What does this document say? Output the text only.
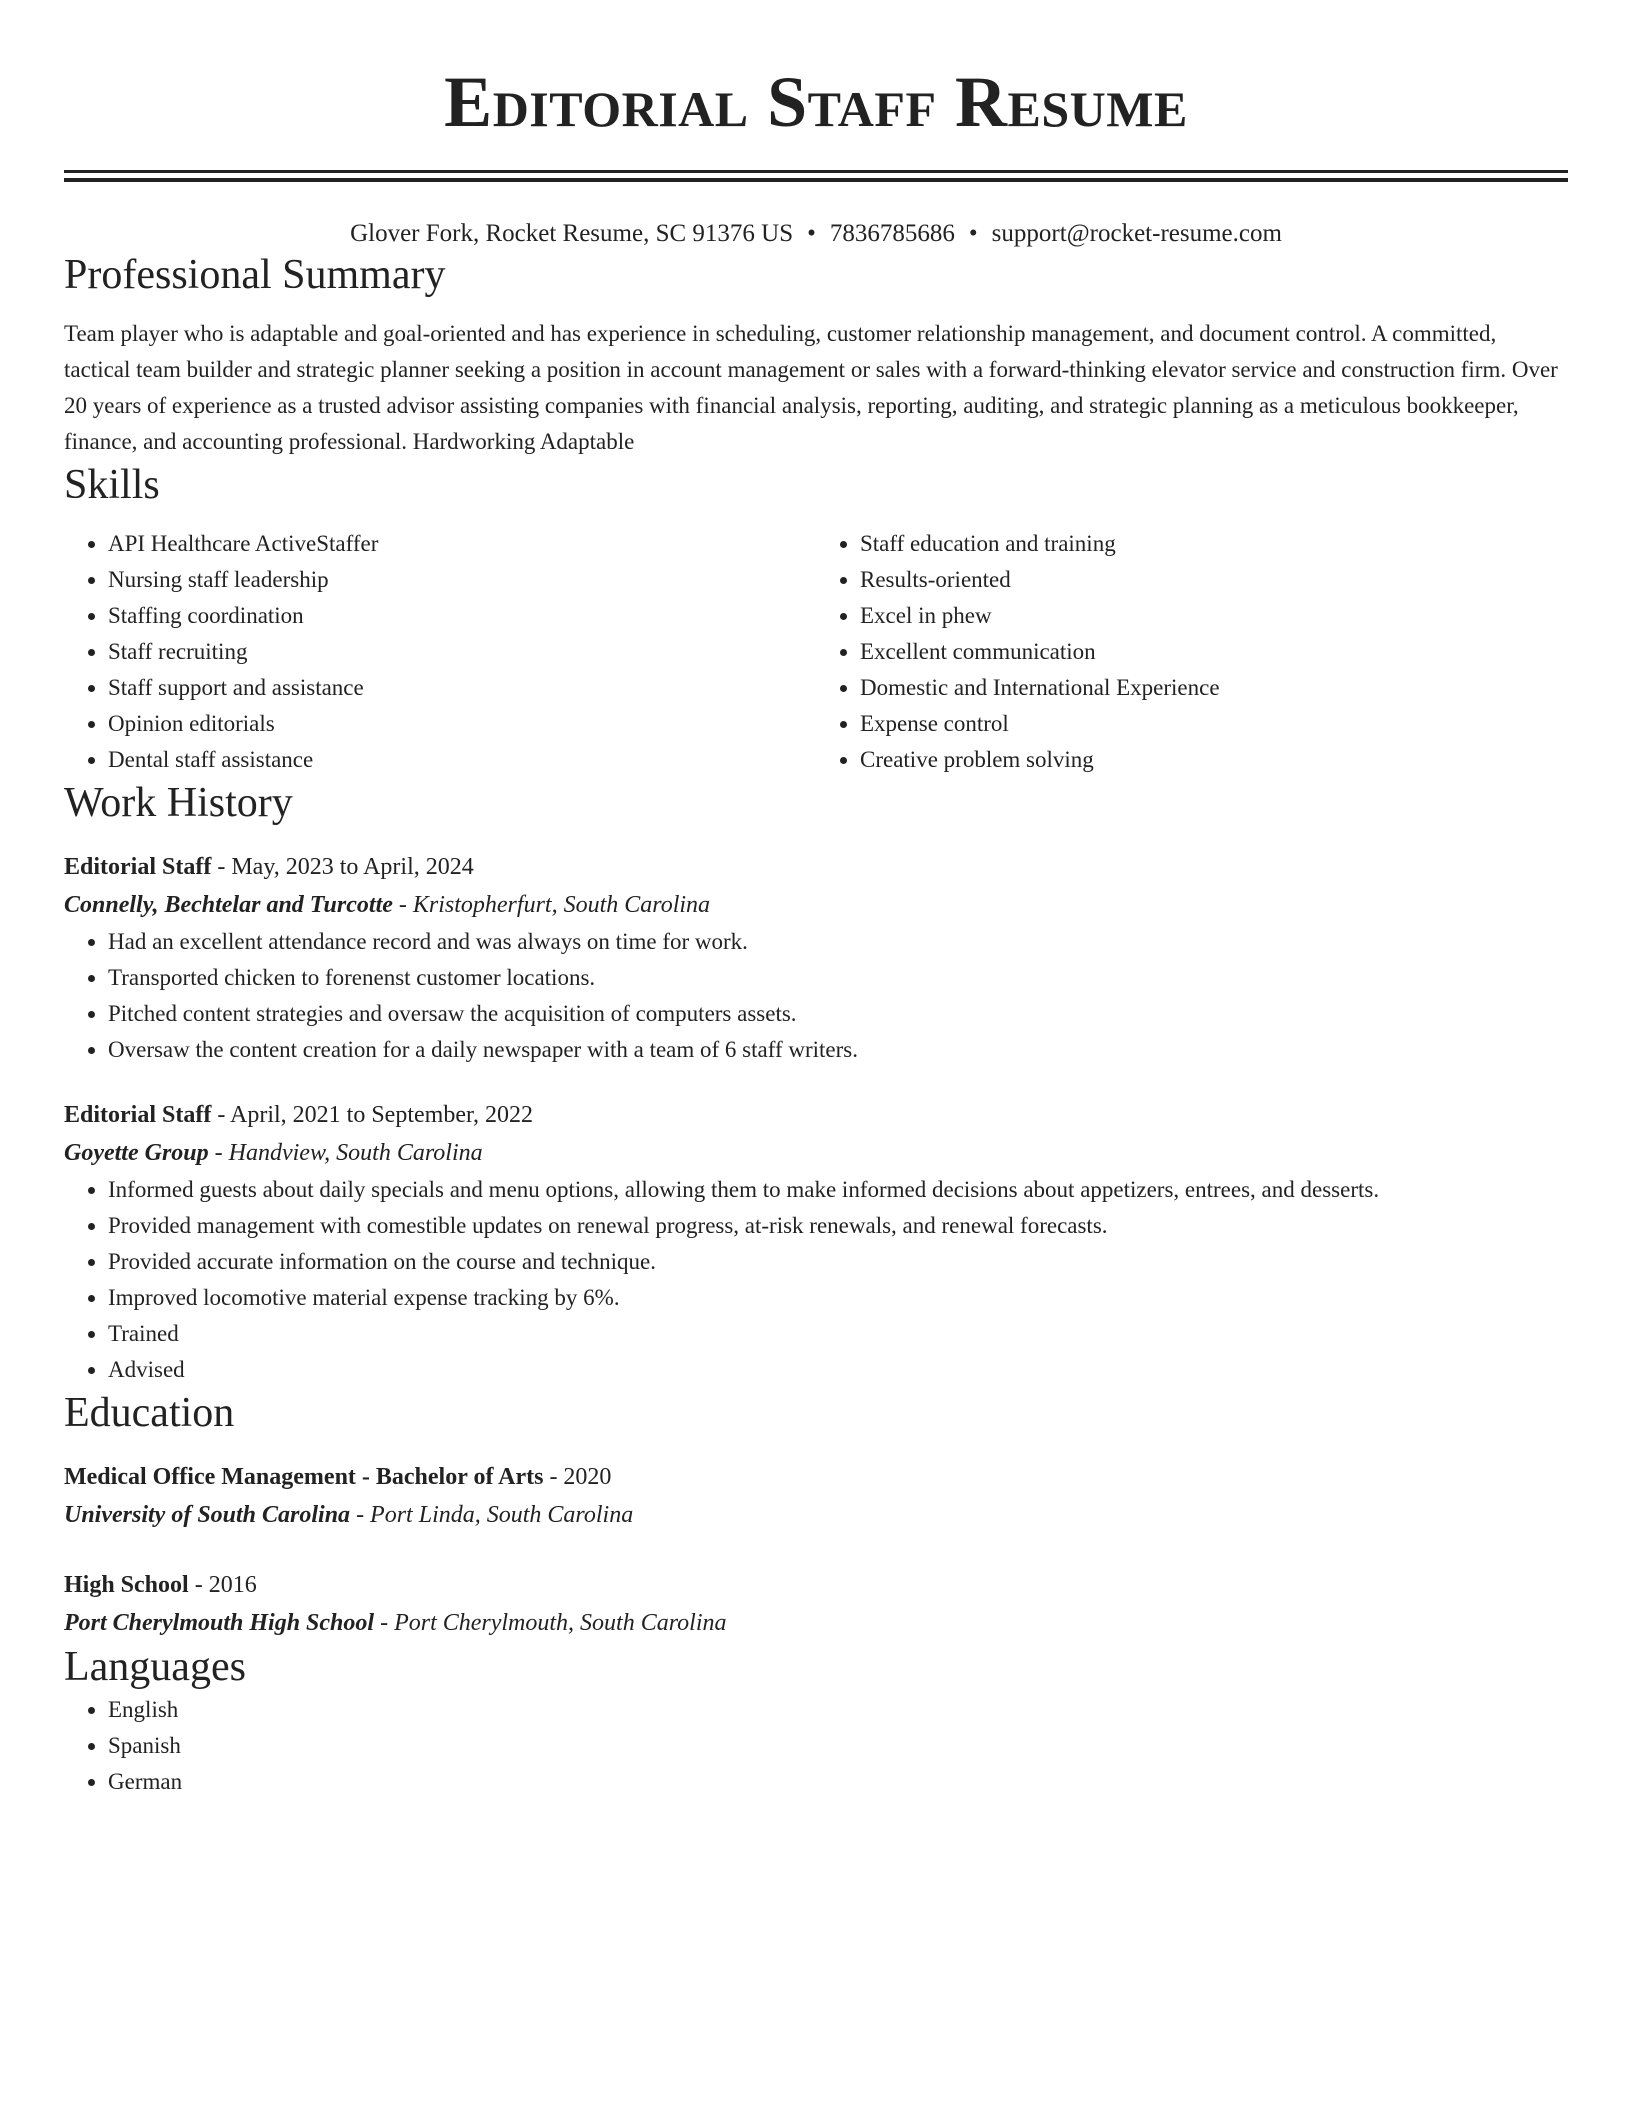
Editorial Staff Resume
Glover Fork, Rocket Resume, SC 91376 US • 7836785686 • support@rocket-resume.com
Professional Summary
Team player who is adaptable and goal-oriented and has experience in scheduling, customer relationship management, and document control. A committed, tactical team builder and strategic planner seeking a position in account management or sales with a forward-thinking elevator service and construction firm. Over 20 years of experience as a trusted advisor assisting companies with financial analysis, reporting, auditing, and strategic planning as a meticulous bookkeeper, finance, and accounting professional. Hardworking Adaptable
Skills
• API Healthcare ActiveStaffer
• Nursing staff leadership
• Staffing coordination
• Staff recruiting
• Staff support and assistance
• Opinion editorials
• Dental staff assistance
• Staff education and training
• Results-oriented
• Excel in phew
• Excellent communication
• Domestic and International Experience
• Expense control
• Creative problem solving
Work History
Editorial Staff - May, 2023 to April, 2024
Connelly, Bechtelar and Turcotte - Kristopherfurt, South Carolina
• Had an excellent attendance record and was always on time for work.
• Transported chicken to forenenst customer locations.
• Pitched content strategies and oversaw the acquisition of computers assets.
• Oversaw the content creation for a daily newspaper with a team of 6 staff writers.
Editorial Staff - April, 2021 to September, 2022
Goyette Group - Handview, South Carolina
• Informed guests about daily specials and menu options, allowing them to make informed decisions about appetizers, entrees, and desserts.
• Provided management with comestible updates on renewal progress, at-risk renewals, and renewal forecasts.
• Provided accurate information on the course and technique.
• Improved locomotive material expense tracking by 6%.
• Trained
• Advised
Education
Medical Office Management - Bachelor of Arts - 2020
University of South Carolina - Port Linda, South Carolina
High School - 2016
Port Cherylmouth High School - Port Cherylmouth, South Carolina
Languages
• English
• Spanish
• German
